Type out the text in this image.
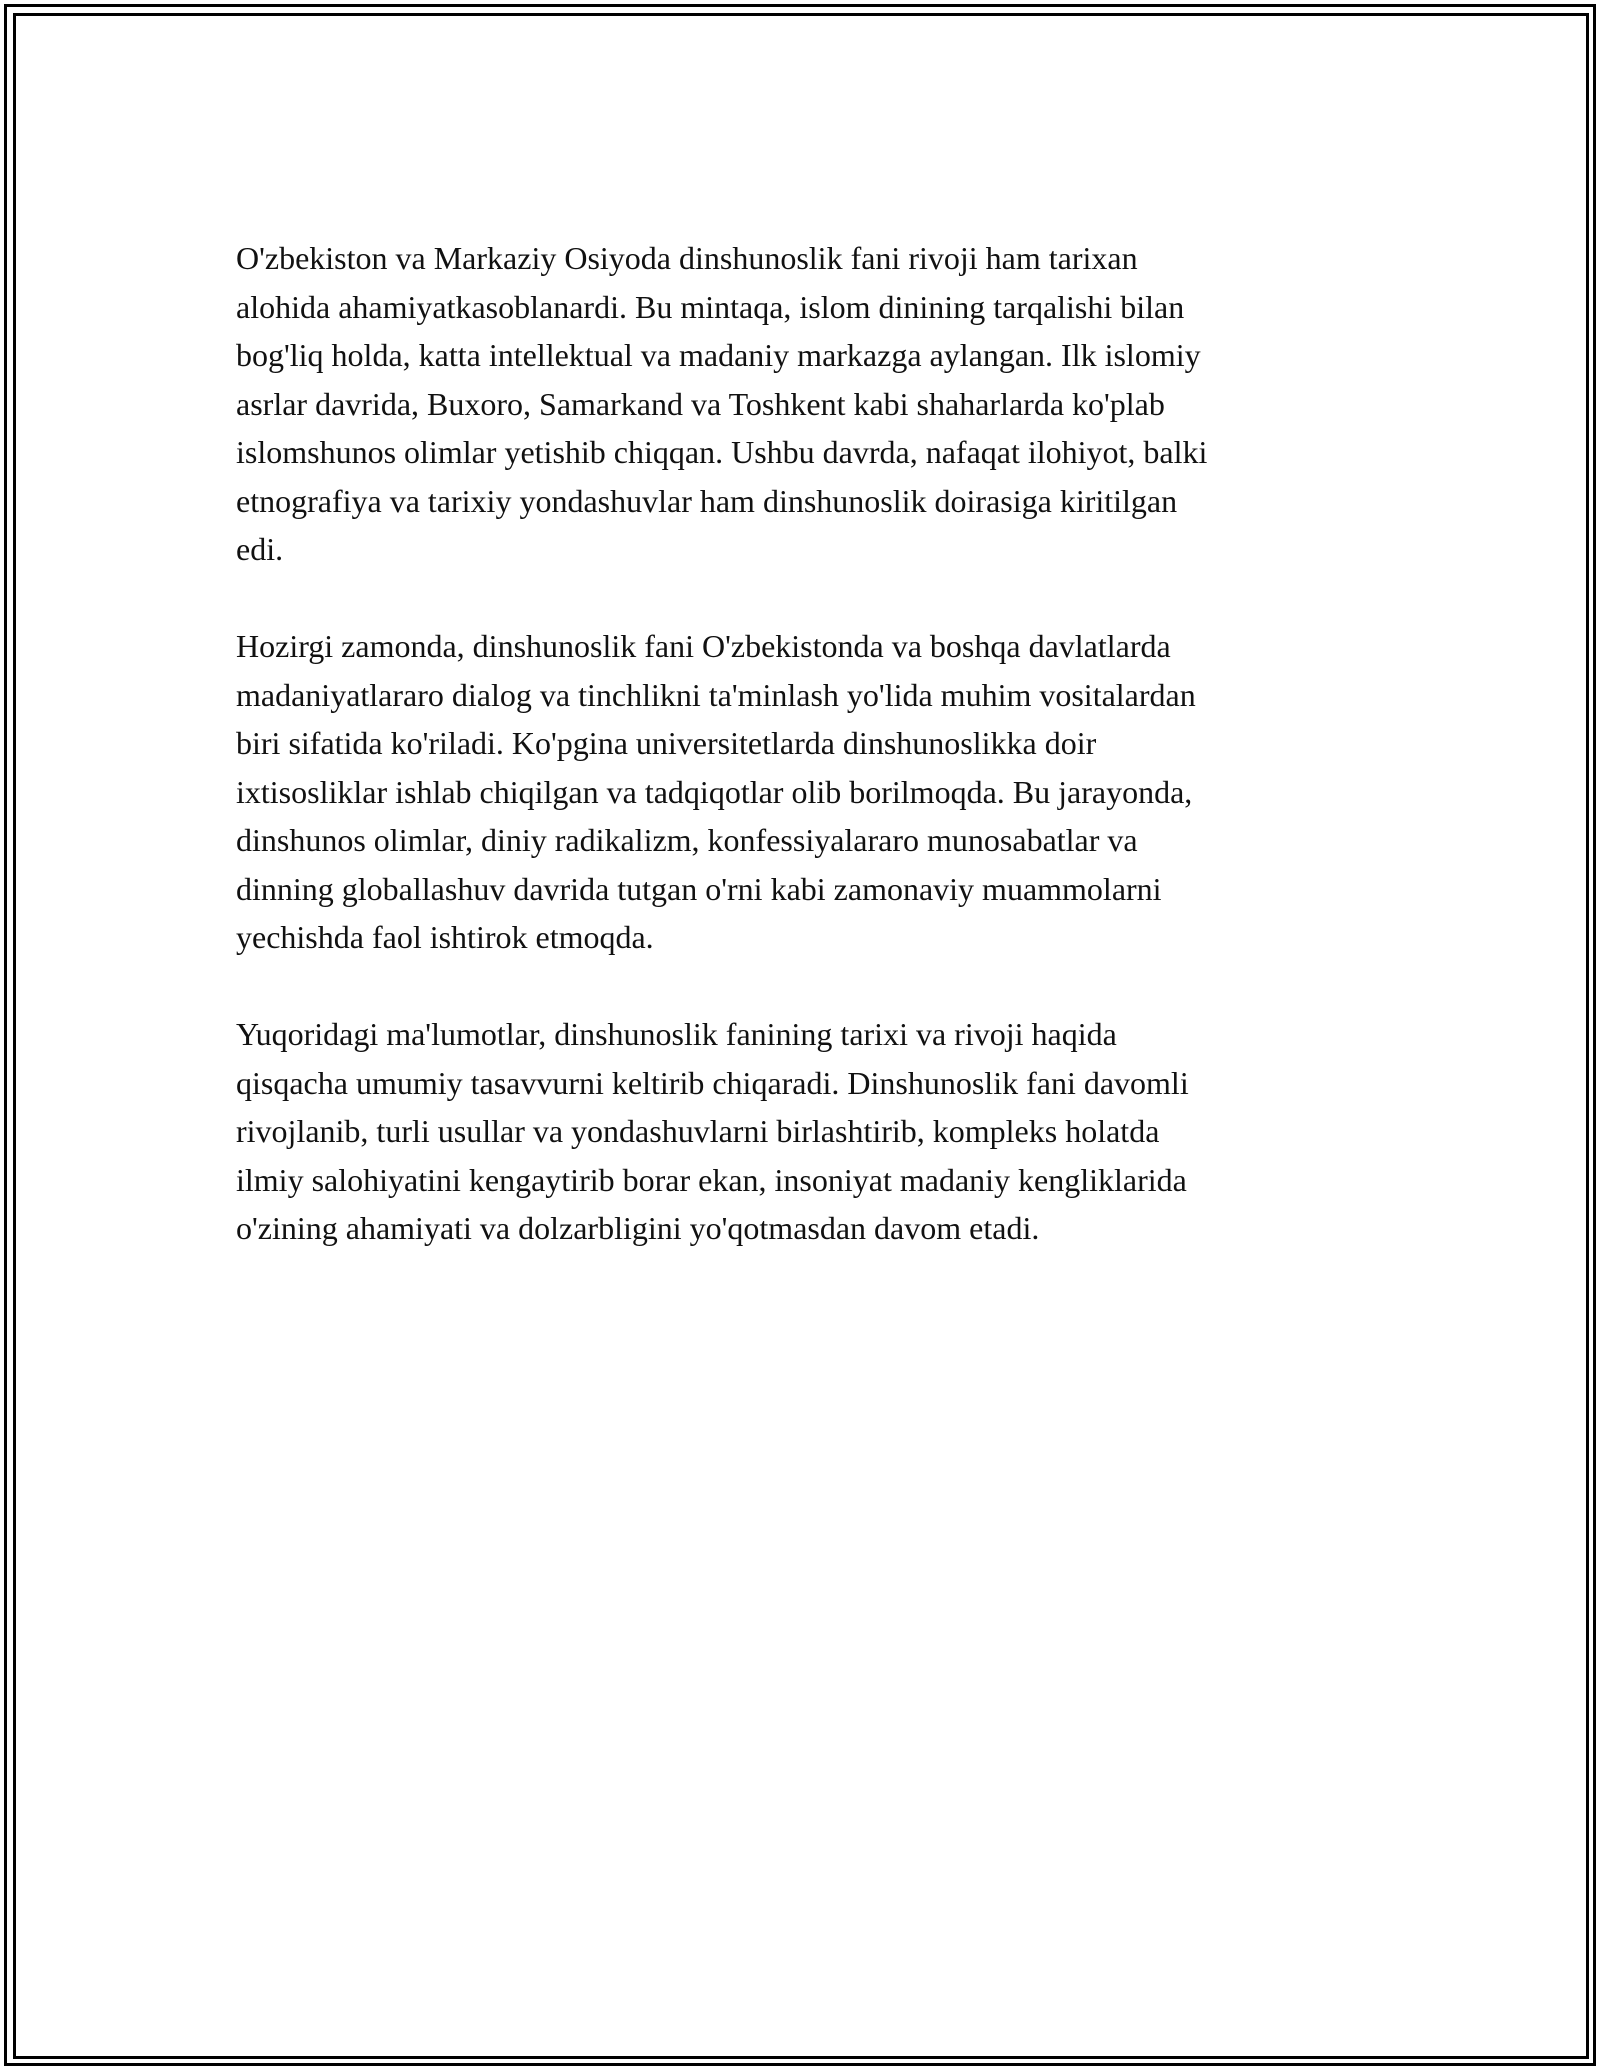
O'zbekiston va Markaziy Osiyoda dinshunoslik fani rivoji ham tarixan
alohida ahamiyatkasoblanardi. Bu mintaqa, islom dinining tarqalishi bilan
bog'liq holda, katta intellektual va madaniy markazga aylangan. Ilk islomiy
asrlar davrida, Buxoro, Samarkand va Toshkent kabi shaharlarda ko'plab
islomshunos olimlar yetishib chiqqan. Ushbu davrda, nafaqat ilohiyot, balki
etnografiya va tarixiy yondashuvlar ham dinshunoslik doirasiga kiritilgan
edi.

Hozirgi zamonda, dinshunoslik fani O'zbekistonda va boshqa davlatlarda
madaniyatlararo dialog va tinchlikni ta'minlash yo'lida muhim vositalardan
biri sifatida ko'riladi. Ko'pgina universitetlarda dinshunoslikka doir
ixtisosliklar ishlab chiqilgan va tadqiqotlar olib borilmoqda. Bu jarayonda,
dinshunos olimlar, diniy radikalizm, konfessiyalararo munosabatlar va
dinning globallashuv davrida tutgan o'rni kabi zamonaviy muammolarni
yechishda faol ishtirok etmoqda.

Yuqoridagi ma'lumotlar, dinshunoslik fanining tarixi va rivoji haqida
qisqacha umumiy tasavvurni keltirib chiqaradi. Dinshunoslik fani davomli
rivojlanib, turli usullar va yondashuvlarni birlashtirib, kompleks holatda
ilmiy salohiyatini kengaytirib borar ekan, insoniyat madaniy kengliklarida
o'zining ahamiyati va dolzarbligini yo'qotmasdan davom etadi.
